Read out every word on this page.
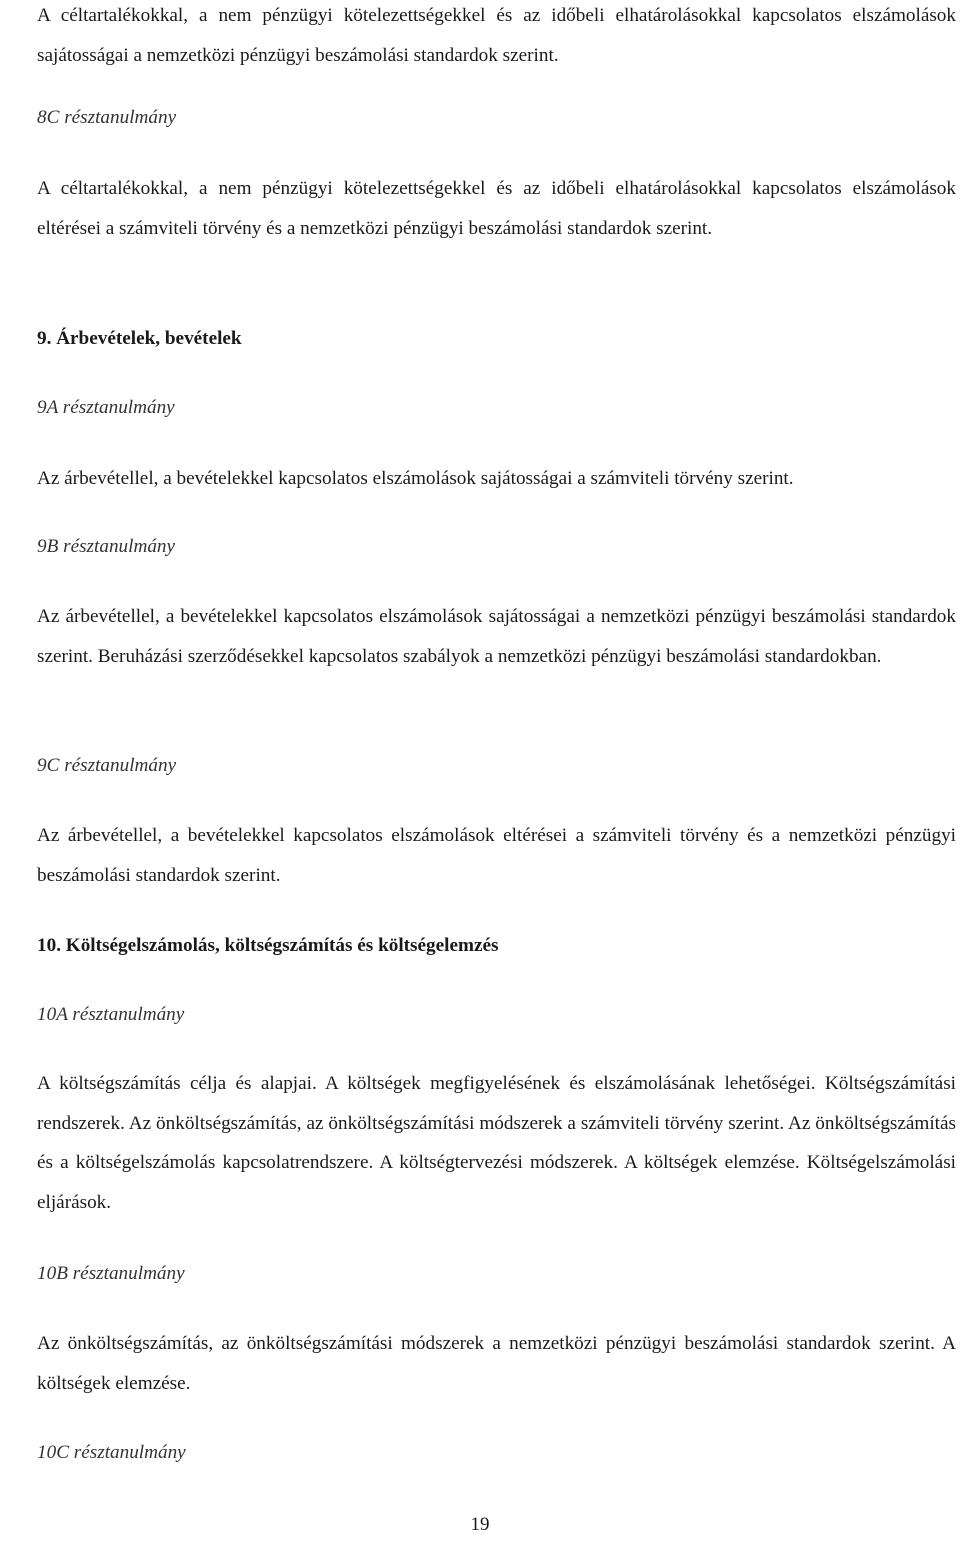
A céltartalékokkal, a nem pénzügyi kötelezettségekkel és az időbeli elhatárolásokkal kapcsolatos elszámolások sajátosságai a nemzetközi pénzügyi beszámolási standardok szerint.

8C résztanulmány

A céltartalékokkal, a nem pénzügyi kötelezettségekkel és az időbeli elhatárolásokkal kapcsolatos elszámolások eltérései a számviteli törvény és a nemzetközi pénzügyi beszámolási standardok szerint.

9. Árbevételek, bevételek

9A résztanulmány

Az árbevétellel, a bevételekkel kapcsolatos elszámolások sajátosságai a számviteli törvény szerint.

9B résztanulmány

Az árbevétellel, a bevételekkel kapcsolatos elszámolások sajátosságai a nemzetközi pénzügyi beszámolási standardok szerint. Beruházási szerződésekkel kapcsolatos szabályok a nemzetközi pénzügyi beszámolási standardokban.

9C résztanulmány

Az árbevétellel, a bevételekkel kapcsolatos elszámolások eltérései a számviteli törvény és a nemzetközi pénzügyi beszámolási standardok szerint.

10. Költségelszámolás, költségszámítás és költségelemzés

10A résztanulmány

A költségszámítás célja és alapjai. A költségek megfigyelésének és elszámolásának lehetőségei. Költségszámítási rendszerek. Az önköltségszámítás, az önköltségszámítási módszerek a számviteli törvény szerint. Az önköltségszámítás és a költségelszámolás kapcsolatrendszere. A költségtervezési módszerek. A költségek elemzése. Költségelszámolási eljárások.

10B résztanulmány

Az önköltségszámítás, az önköltségszámítási módszerek a nemzetközi pénzügyi beszámolási standardok szerint. A költségek elemzése.

10C résztanulmány

19
